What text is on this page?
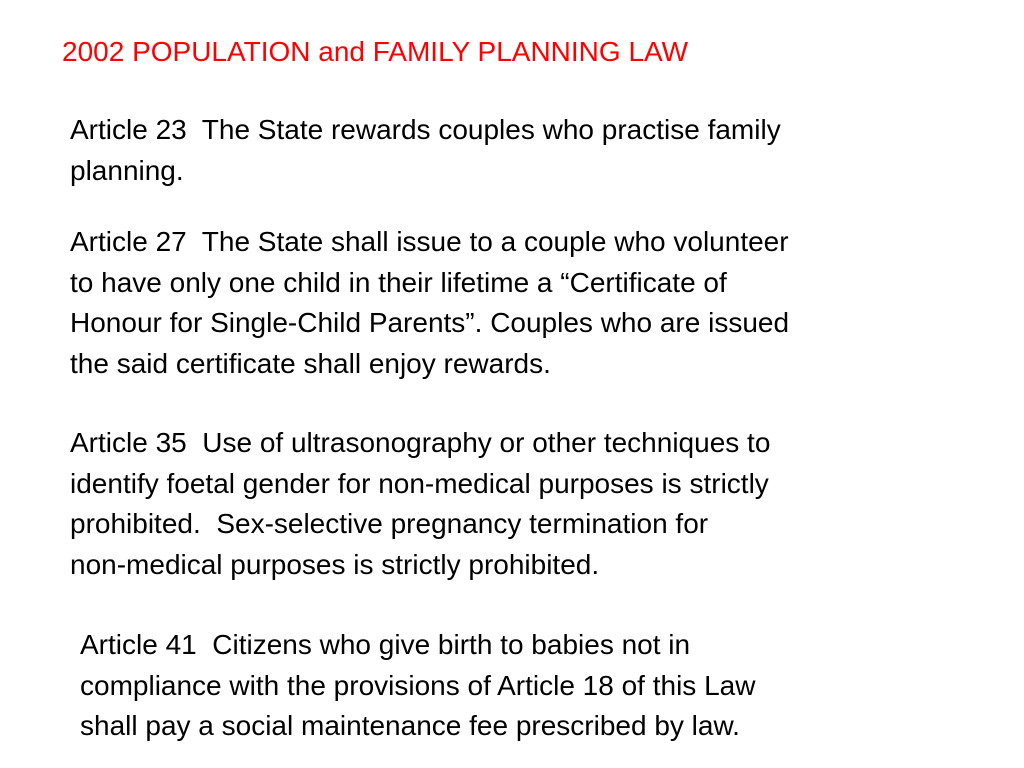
2002 POPULATION and FAMILY PLANNING LAW
Article 23  The State rewards couples who practise family
planning.
Article 27  The State shall issue to a couple who volunteer
to have only one child in their lifetime a “Certificate of
Honour for Single-Child Parents”. Couples who are issued
the said certificate shall enjoy rewards.
Article 35  Use of ultrasonography or other techniques to
identify foetal gender for non-medical purposes is strictly
prohibited.  Sex-selective pregnancy termination for
non-medical purposes is strictly prohibited.
Article 41  Citizens who give birth to babies not in
compliance with the provisions of Article 18 of this Law
shall pay a social maintenance fee prescribed by law.
